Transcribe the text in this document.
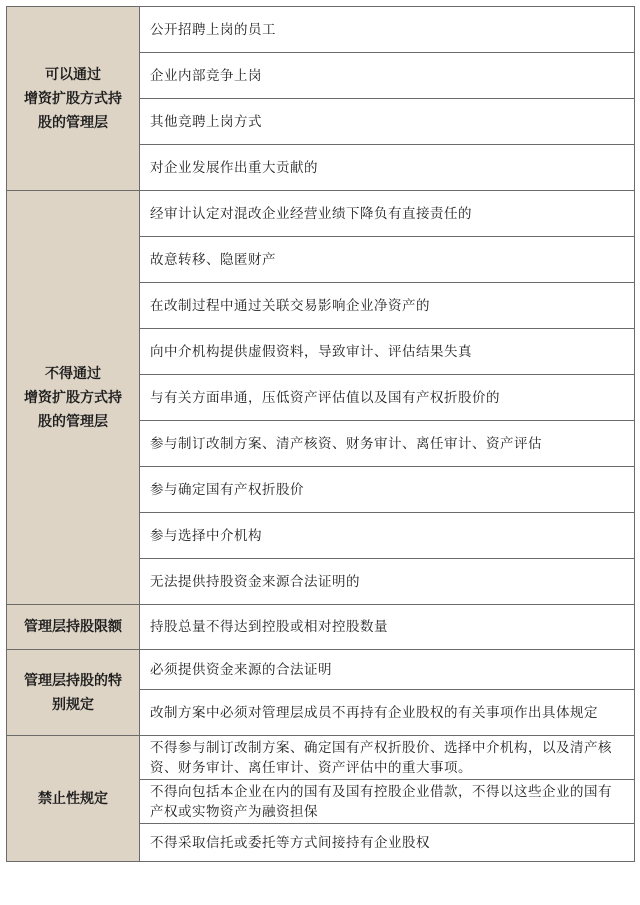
可以通过
增资扩股方式持
股的管理层	公开招聘上岗的员工
	企业内部竞争上岗
	其他竞聘上岗方式
	对企业发展作出重大贡献的
不得通过
增资扩股方式持
股的管理层	经审计认定对混改企业经营业绩下降负有直接责任的
	故意转移、隐匿财产
	在改制过程中通过关联交易影响企业净资产的
	向中介机构提供虚假资料，导致审计、评估结果失真
	与有关方面串通，压低资产评估值以及国有产权折股价的
	参与制订改制方案、清产核资、财务审计、离任审计、资产评估
	参与确定国有产权折股价
	参与选择中介机构
	无法提供持股资金来源合法证明的
管理层持股限额	持股总量不得达到控股或相对控股数量
管理层持股的特
别规定	必须提供资金来源的合法证明
	改制方案中必须对管理层成员不再持有企业股权的有关事项作出具体规定
禁止性规定	不得参与制订改制方案、确定国有产权折股价、选择中介机构，以及清产核资、财务审计、离任审计、资产评估中的重大事项。
	不得向包括本企业在内的国有及国有控股企业借款，不得以这些企业的国有产权或实物资产为融资担保
	不得采取信托或委托等方式间接持有企业股权
